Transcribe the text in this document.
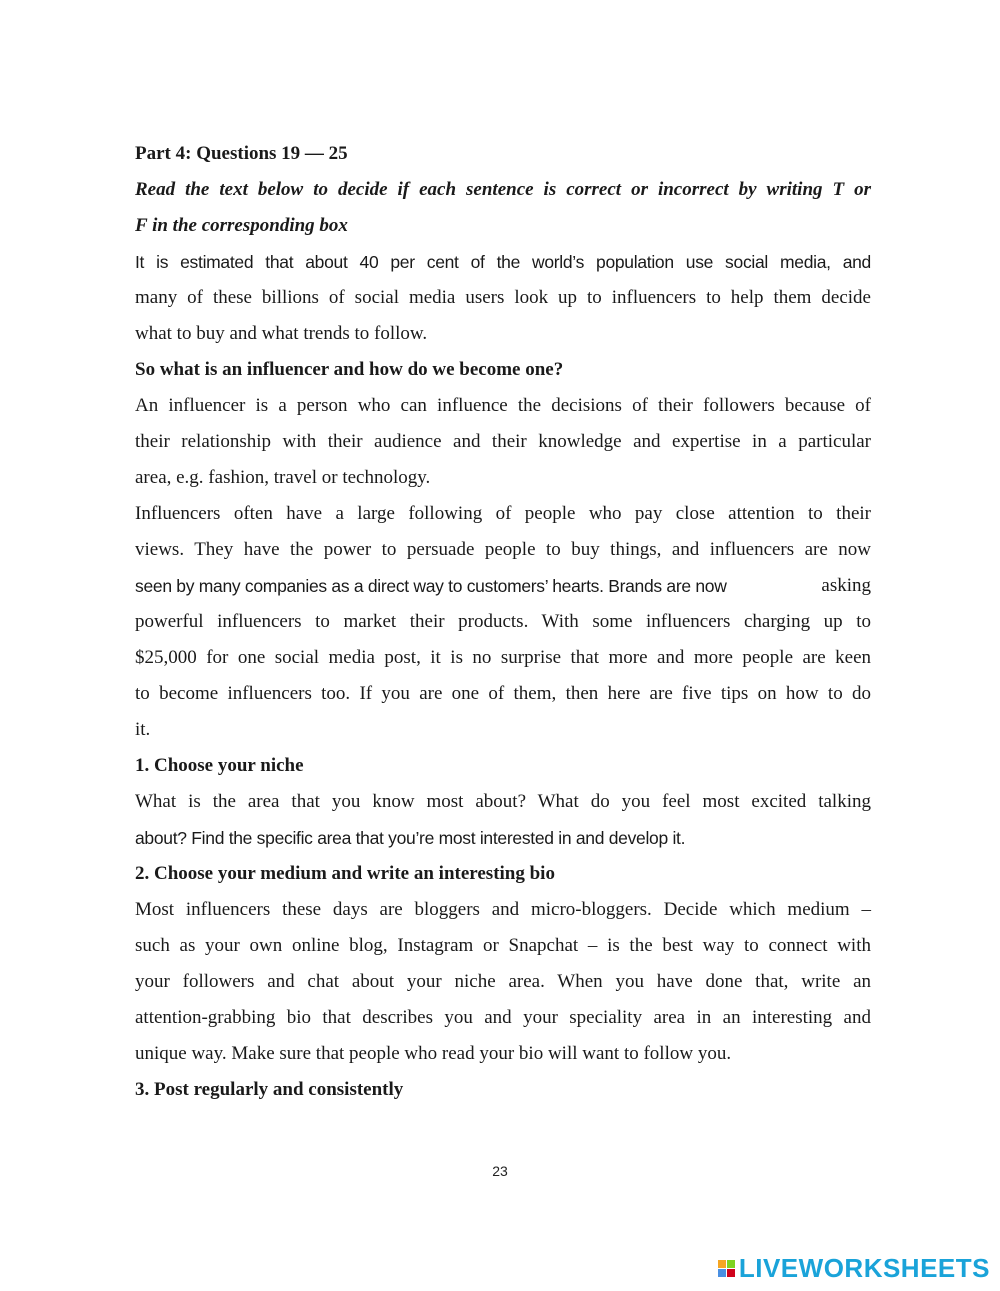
Part 4: Questions 19 — 25
Read the text below to decide if each sentence is correct or incorrect by writing T or
F in the corresponding box
It is estimated that about 40 per cent of the world’s population use social media, and
many of these billions of social media users look up to influencers to help them decide
what to buy and what trends to follow.
So what is an influencer and how do we become one?
An influencer is a person who can influence the decisions of their followers because of
their relationship with their audience and their knowledge and expertise in a particular
area, e.g. fashion, travel or technology.
Influencers often have a large following of people who pay close attention to their
views. They have the power to persuade people to buy things, and influencers are now
seen by many companies as a direct way to customers’ hearts. Brands are now	asking
powerful influencers to market their products. With some influencers charging up to
$25,000 for one social media post, it is no surprise that more and more people are keen
to become influencers too. If you are one of them, then here are five tips on how to do
it.
1. Choose your niche
What is the area that you know most about? What do you feel most excited talking
about? Find the specific area that you’re most interested in and develop it.
2. Choose your medium and write an interesting bio
Most influencers these days are bloggers and micro-bloggers. Decide which medium –
such as your own online blog, Instagram or Snapchat – is the best way to connect with
your followers and chat about your niche area. When you have done that, write an
attention-grabbing bio that describes you and your speciality area in an interesting and
unique way. Make sure that people who read your bio will want to follow you.
3. Post regularly and consistently
23
LIVEWORKSHEETS
